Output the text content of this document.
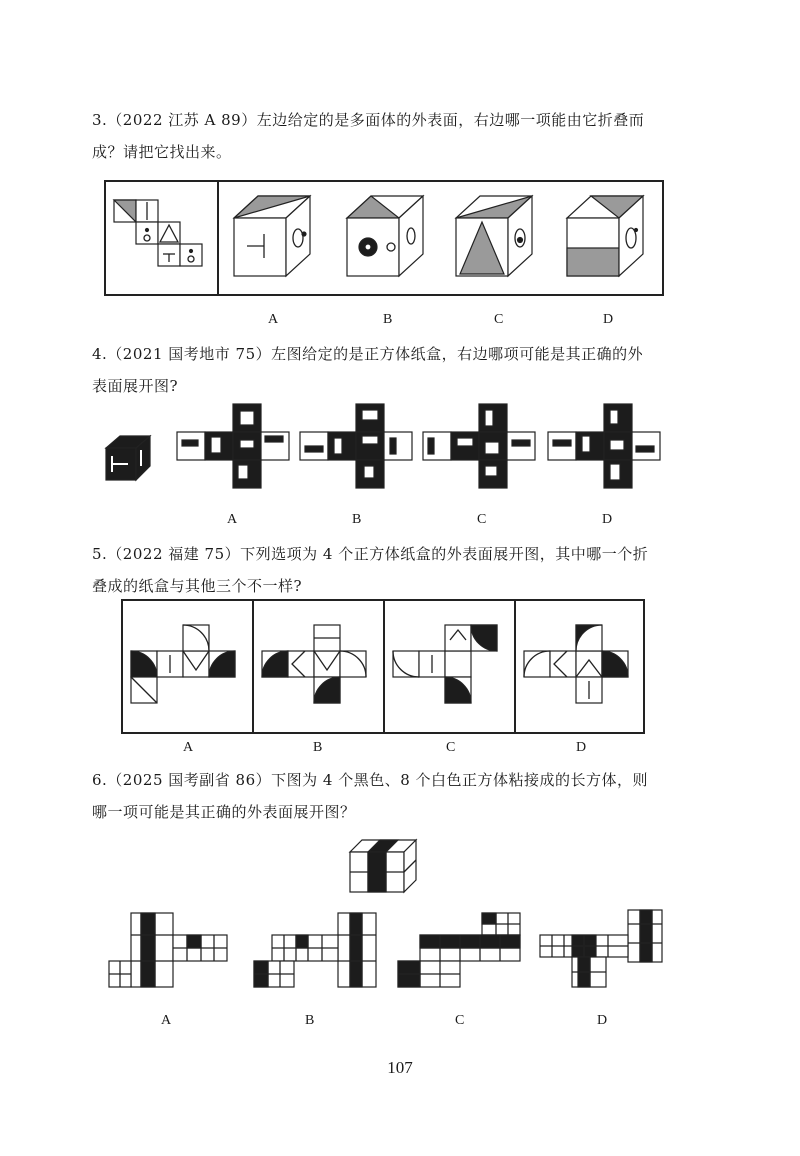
3.（2022 江苏 A 89）左边给定的是多面体的外表面，右边哪一项能由它折叠而
成？请把它找出来。

A	B	C	D

4.（2021 国考地市 75）左图给定的是正方体纸盒，右边哪项可能是其正确的外
表面展开图?

A	B	C	D

5.（2022 福建 75）下列选项为 4 个正方体纸盒的外表面展开图，其中哪一个折
叠成的纸盒与其他三个不一样?

A	B	C	D

6.（2025 国考副省 86）下图为 4 个黑色、8 个白色正方体粘接成的长方体，则
哪一项可能是其正确的外表面展开图？

A	B	C	D
107
